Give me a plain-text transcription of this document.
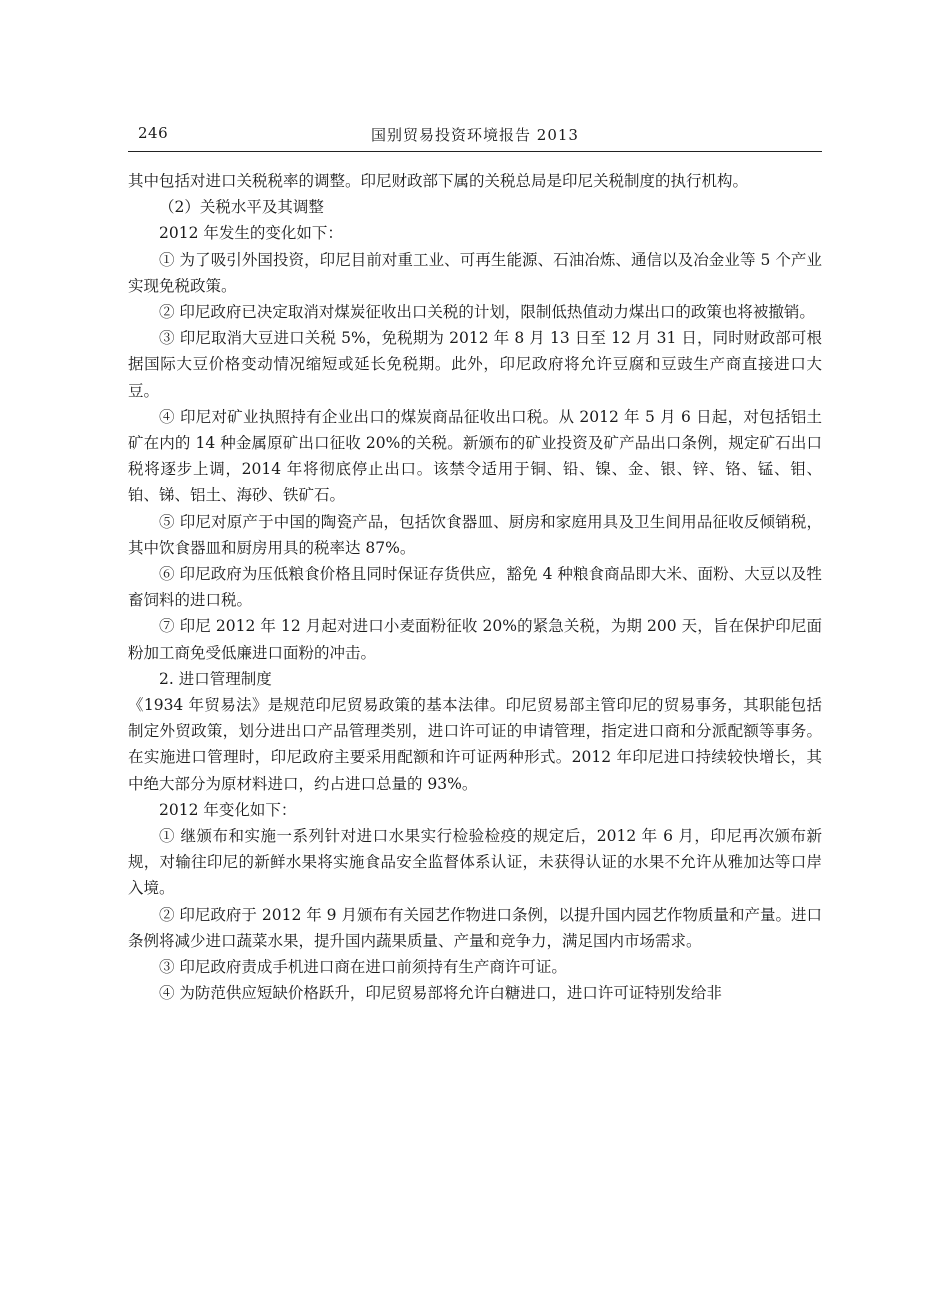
246	国别贸易投资环境报告 2013

其中包括对进口关税税率的调整。印尼财政部下属的关税总局是印尼关税制度的执行机构。

（2）关税水平及其调整

2012 年发生的变化如下：

① 为了吸引外国投资，印尼目前对重工业、可再生能源、石油冶炼、通信以及冶金业等 5 个产业实现免税政策。

② 印尼政府已决定取消对煤炭征收出口关税的计划，限制低热值动力煤出口的政策也将被撤销。

③ 印尼取消大豆进口关税 5%，免税期为 2012 年 8 月 13 日至 12 月 31 日，同时财政部可根据国际大豆价格变动情况缩短或延长免税期。此外，印尼政府将允许豆腐和豆豉生产商直接进口大豆。

④ 印尼对矿业执照持有企业出口的煤炭商品征收出口税。从 2012 年 5 月 6 日起，对包括铝土矿在内的 14 种金属原矿出口征收 20%的关税。新颁布的矿业投资及矿产品出口条例，规定矿石出口税将逐步上调，2014 年将彻底停止出口。该禁令适用于铜、铅、镍、金、银、锌、铬、锰、钼、铂、锑、铝土、海砂、铁矿石。

⑤ 印尼对原产于中国的陶瓷产品，包括饮食器皿、厨房和家庭用具及卫生间用品征收反倾销税，其中饮食器皿和厨房用具的税率达 87%。

⑥ 印尼政府为压低粮食价格且同时保证存货供应，豁免 4 种粮食商品即大米、面粉、大豆以及牲畜饲料的进口税。

⑦ 印尼 2012 年 12 月起对进口小麦面粉征收 20%的紧急关税，为期 200 天，旨在保护印尼面粉加工商免受低廉进口面粉的冲击。

2. 进口管理制度

《1934 年贸易法》是规范印尼贸易政策的基本法律。印尼贸易部主管印尼的贸易事务，其职能包括制定外贸政策，划分进出口产品管理类别，进口许可证的申请管理，指定进口商和分派配额等事务。在实施进口管理时，印尼政府主要采用配额和许可证两种形式。2012 年印尼进口持续较快增长，其中绝大部分为原材料进口，约占进口总量的 93%。

2012 年变化如下：

① 继颁布和实施一系列针对进口水果实行检验检疫的规定后，2012 年 6 月，印尼再次颁布新规，对输往印尼的新鲜水果将实施食品安全监督体系认证，未获得认证的水果不允许从雅加达等口岸入境。

② 印尼政府于 2012 年 9 月颁布有关园艺作物进口条例，以提升国内园艺作物质量和产量。进口条例将减少进口蔬菜水果，提升国内蔬果质量、产量和竞争力，满足国内市场需求。

③ 印尼政府责成手机进口商在进口前须持有生产商许可证。

④ 为防范供应短缺价格跃升，印尼贸易部将允许白糖进口，进口许可证特别发给非
